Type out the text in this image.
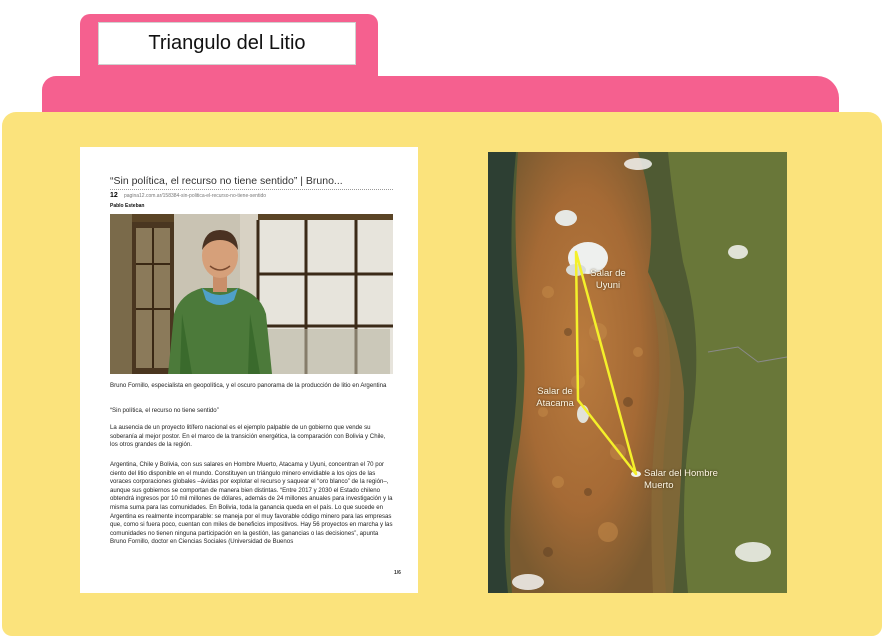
Triangulo del Litio
“Sin política, el recurso no tiene sentido” | Bruno...
12 pagina12.com.ar/158384-sin-politica-el-recurso-no-tiene-sentido
Pablo Esteban
Bruno Fornillo, especialista en geopolítica, y el oscuro panorama de la producción de litio en Argentina
“Sin política, el recurso no tiene sentido”
La ausencia de un proyecto litífero nacional es el ejemplo palpable de un gobierno que vende su soberanía al mejor postor. En el marco de la transición energética, la comparación con Bolivia y Chile, los otros grandes de la región.
Argentina, Chile y Bolivia, con sus salares en Hombre Muerto, Atacama y Uyuni, concentran el 70 por ciento del litio disponible en el mundo. Constituyen un triángulo minero envidiable a los ojos de las voraces corporaciones globales –ávidas por explotar el recurso y saquear el “oro blanco” de la región–, aunque sus gobiernos se comportan de manera bien distintas. “Entre 2017 y 2030 el Estado chileno obtendrá ingresos por 10 mil millones de dólares, además de 24 millones anuales para investigación y la misma suma para las comunidades. En Bolivia, toda la ganancia queda en el país. Lo que sucede en Argentina es realmente incomparable: se maneja por el muy favorable código minero para las empresas que, como si fuera poco, cuentan con miles de beneficios impositivos. Hay 56 proyectos en marcha y las comunidades no tienen ninguna participación en la gestión, las ganancias o las decisiones”, apunta Bruno Fornillo, doctor en Ciencias Sociales (Universidad de Buenos
1/6
Salar de Uyuni
Salar de Atacama
Salar del Hombre Muerto
